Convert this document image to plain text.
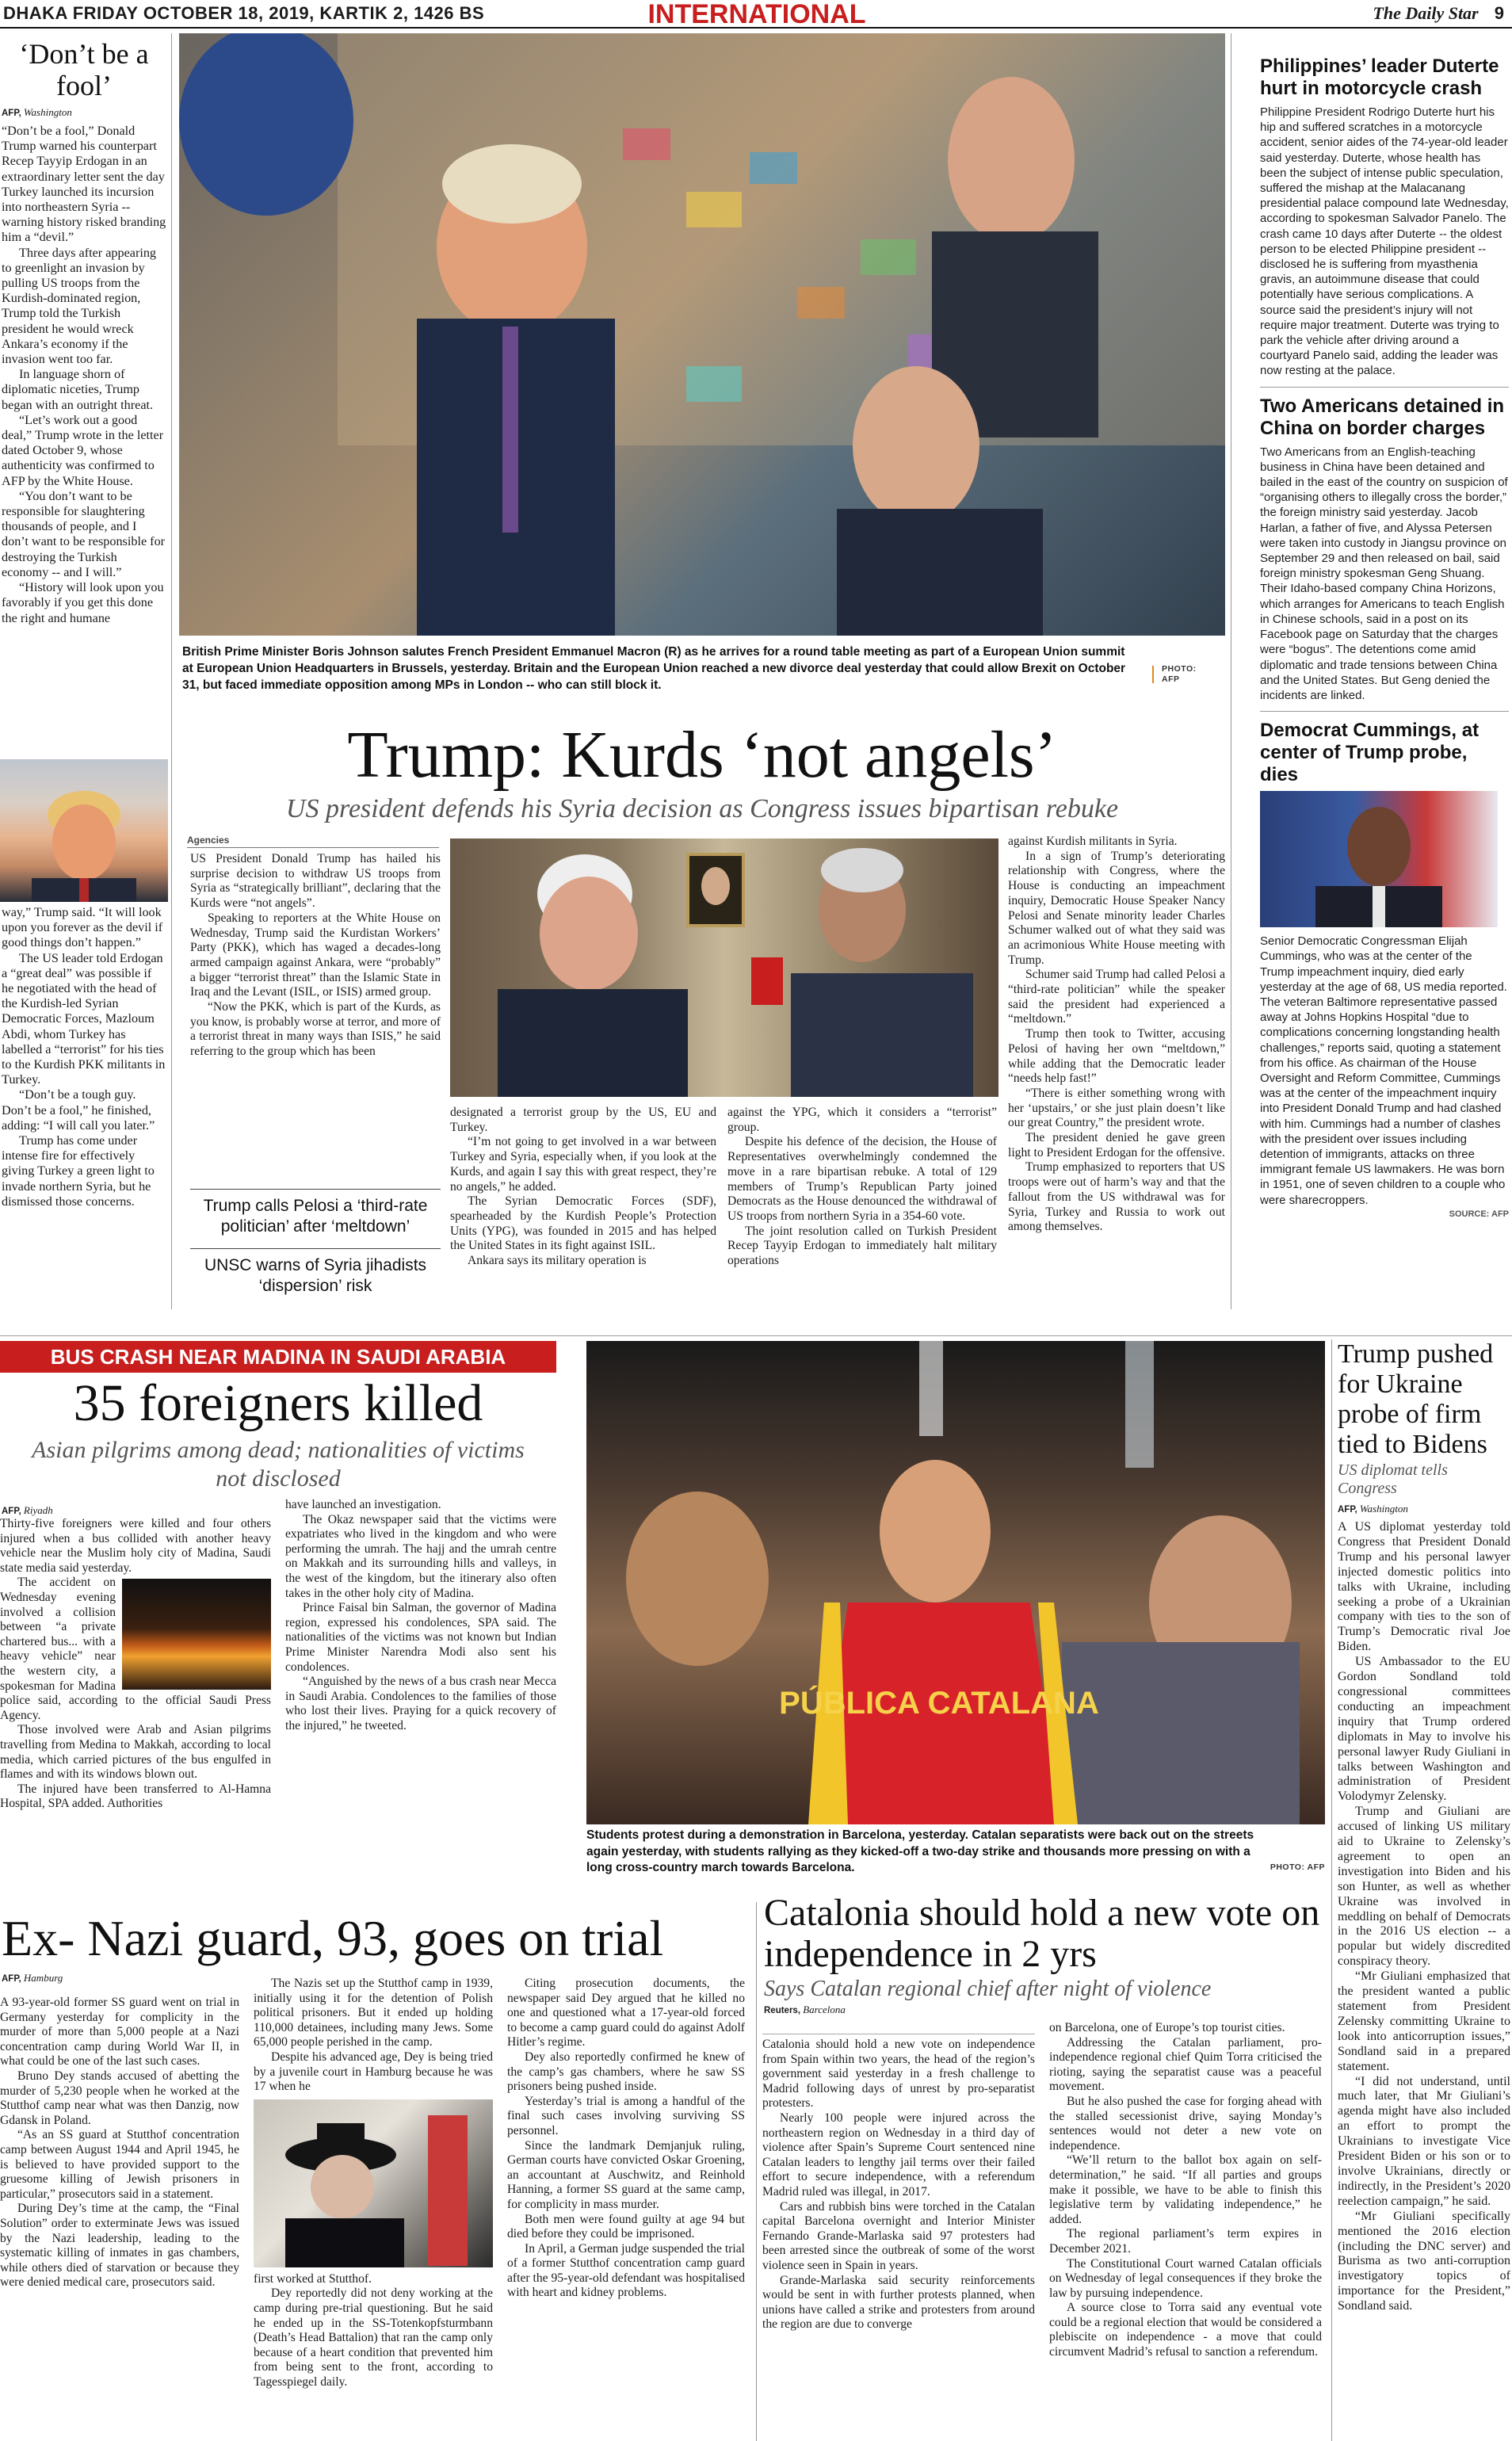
DHAKA FRIDAY OCTOBER 18, 2019, KARTIK 2, 1426 BS	INTERNATIONAL	The Daily Star 9
‘Don’t be a fool’
AFP, Washington

“Don’t be a fool,” Donald Trump warned his counterpart Recep Tayyip Erdogan in an extraordinary letter sent the day Turkey launched its incursion into northeastern Syria -- warning history risked branding him a “devil.”

Three days after appearing to greenlight an invasion by pulling US troops from the Kurdish-dominated region, Trump told the Turkish president he would wreck Ankara’s economy if the invasion went too far.

In language shorn of diplomatic niceties, Trump began with an outright threat.

“Let’s work out a good deal,” Trump wrote in the letter dated October 9, whose authenticity was confirmed to AFP by the White House.

“You don’t want to be responsible for slaughtering thousands of people, and I don’t want to be responsible for destroying the Turkish economy -- and I will.”

“History will look upon you favorably if you get this done the right and humane

way,” Trump said. “It will look upon you forever as the devil if good things don’t happen.”

The US leader told Erdogan a “great deal” was possible if he negotiated with the head of the Kurdish-led Syrian Democratic Forces, Mazloum Abdi, whom Turkey has labelled a “terrorist” for his ties to the Kurdish PKK militants in Turkey.

“Don’t be a tough guy. Don’t be a fool,” he finished, adding: “I will call you later.”

Trump has come under intense fire for effectively giving Turkey a green light to invade northern Syria, but he dismissed those concerns.

British Prime Minister Boris Johnson salutes French President Emmanuel Macron (R) as he arrives for a round table meeting as part of a European Union summit at European Union Headquarters in Brussels, yesterday. Britain and the European Union reached a new divorce deal yesterday that could allow Brexit on October 31, but faced immediate opposition among MPs in London -- who can still block it.
PHOTO:
AFP
Trump: Kurds ‘not angels’
US president defends his Syria decision as Congress issues bipartisan rebuke
Agencies

US President Donald Trump has hailed his surprise decision to withdraw US troops from Syria as “strategically brilliant”, declaring that the Kurds were “not angels”.

Speaking to reporters at the White House on Wednesday, Trump said the Kurdistan Workers’ Party (PKK), which has waged a decades-long armed campaign against Ankara, were “probably” a bigger “terrorist threat” than the Islamic State in Iraq and the Levant (ISIL, or ISIS) armed group.

“Now the PKK, which is part of the Kurds, as you know, is probably worse at terror, and more of a terrorist threat in many ways than ISIS,” he said referring to the group which has been

Trump calls Pelosi a ‘third-rate politician’ after ‘meltdown’
UNSC warns of Syria jihadists ‘dispersion’ risk

designated a terrorist group by the US, EU and Turkey.

“I’m not going to get involved in a war between Turkey and Syria, especially when, if you look at the Kurds, and again I say this with great respect, they’re no angels,” he added.

The Syrian Democratic Forces (SDF), spearheaded by the Kurdish People’s Protection Units (YPG), was founded in 2015 and has helped the United States in its fight against ISIL.

Ankara says its military operation is

against the YPG, which it considers a “terrorist” group.

Despite his defence of the decision, the House of Representatives overwhelmingly condemned the move in a rare bipartisan rebuke. A total of 129 members of Trump’s Republican Party joined Democrats as the House denounced the withdrawal of US troops from northern Syria in a 354-60 vote.

The joint resolution called on Turkish President Recep Tayyip Erdogan to immediately halt military operations

against Kurdish militants in Syria.

In a sign of Trump’s deteriorating relationship with Congress, where the House is conducting an impeachment inquiry, Democratic House Speaker Nancy Pelosi and Senate minority leader Charles Schumer walked out of what they said was an acrimonious White House meeting with Trump.

Schumer said Trump had called Pelosi a “third-rate politician” while the speaker said the president had experienced a “meltdown.”

Trump then took to Twitter, accusing Pelosi of having her own “meltdown,” while adding that the Democratic leader “needs help fast!”

“There is either something wrong with her ‘upstairs,’ or she just plain doesn’t like our great Country,” the president wrote.

The president denied he gave green light to President Erdogan for the offensive.

Trump emphasized to reporters that US troops were out of harm’s way and that the fallout from the US withdrawal was for Syria, Turkey and Russia to work out among themselves.

Philippines’ leader Duterte hurt in motorcycle crash
Philippine President Rodrigo Duterte hurt his hip and suffered scratches in a motorcycle accident, senior aides of the 74-year-old leader said yesterday. Duterte, whose health has been the subject of intense public speculation, suffered the mishap at the Malacanang presidential palace compound late Wednesday, according to spokesman Salvador Panelo. The crash came 10 days after Duterte -- the oldest person to be elected Philippine president -- disclosed he is suffering from myasthenia gravis, an autoimmune disease that could potentially have serious complications. A source said the president’s injury will not require major treatment. Duterte was trying to park the vehicle after driving around a courtyard Panelo said, adding the leader was now resting at the palace.
Two Americans detained in China on border charges
Two Americans from an English-teaching business in China have been detained and bailed in the east of the country on suspicion of “organising others to illegally cross the border,” the foreign ministry said yesterday. Jacob Harlan, a father of five, and Alyssa Petersen were taken into custody in Jiangsu province on September 29 and then released on bail, said foreign ministry spokesman Geng Shuang. Their Idaho-based company China Horizons, which arranges for Americans to teach English in Chinese schools, said in a post on its Facebook page on Saturday that the charges were “bogus”. The detentions come amid diplomatic and trade tensions between China and the United States. But Geng denied the incidents are linked.
Democrat Cummings, at center of Trump probe, dies
Senior Democratic Congressman Elijah Cummings, who was at the center of the Trump impeachment inquiry, died early yesterday at the age of 68, US media reported. The veteran Baltimore representative passed away at Johns Hopkins Hospital “due to complications concerning longstanding health challenges,” reports said, quoting a statement from his office. As chairman of the House Oversight and Reform Committee, Cummings was at the center of the impeachment inquiry into President Donald Trump and had clashed with him. Cummings had a number of clashes with the president over issues including detention of immigrants, attacks on three immigrant female US lawmakers. He was born in 1951, one of seven children to a couple who were sharecroppers.
SOURCE: AFP
BUS CRASH NEAR MADINA IN SAUDI ARABIA
35 foreigners killed
Asian pilgrims among dead; nationalities of victims not disclosed
AFP, Riyadh

Thirty-five foreigners were killed and four others injured when a bus collided with another heavy vehicle near the Muslim holy city of Madina, Saudi state media said yesterday.

The accident on Wednesday evening involved a collision between “a private chartered bus... with a heavy vehicle” near the western city, a spokesman for Madina police said, according to the official Saudi Press Agency.

Those involved were Arab and Asian pilgrims travelling from Medina to Makkah, according to local media, which carried pictures of the bus engulfed in flames and with its windows blown out.

The injured have been transferred to Al-Hamna Hospital, SPA added. Authorities

have launched an investigation.

The Okaz newspaper said that the victims were expatriates who lived in the kingdom and who were performing the umrah. The hajj and the umrah centre on Makkah and its surrounding hills and valleys, in the west of the kingdom, but the itinerary also often takes in the other holy city of Madina.

Prince Faisal bin Salman, the governor of Madina region, expressed his condolences, SPA said. The nationalities of the victims was not known but Indian Prime Minister Narendra Modi also sent his condolences.

“Anguished by the news of a bus crash near Mecca in Saudi Arabia. Condolences to the families of those who lost their lives. Praying for a quick recovery of the injured,” he tweeted.

PÚBLICA CATALANA
Students protest during a demonstration in Barcelona, yesterday. Catalan separatists were back out on the streets again yesterday, with students rallying as they kicked-off a two-day strike and thousands more pressing on with a long cross-country march towards Barcelona.	PHOTO: AFP
Trump pushed for Ukraine probe of firm tied to Bidens
US diplomat tells Congress
AFP, Washington

A US diplomat yesterday told Congress that President Donald Trump and his personal lawyer injected domestic politics into talks with Ukraine, including seeking a probe of a Ukrainian company with ties to the son of Trump’s Democratic rival Joe Biden.

US Ambassador to the EU Gordon Sondland told congressional committees conducting an impeachment inquiry that Trump ordered diplomats in May to involve his personal lawyer Rudy Giuliani in talks between Washington and administration of President Volodymyr Zelensky.

Trump and Giuliani are accused of linking US military aid to Ukraine to Zelensky’s agreement to open an investigation into Biden and his son Hunter, as well as whether Ukraine was involved in meddling on behalf of Democrats in the 2016 US election -- a popular but widely discredited conspiracy theory.

“Mr Giuliani emphasized that the president wanted a public statement from President Zelensky committing Ukraine to look into anticorruption issues,” Sondland said in a prepared statement.

“I did not understand, until much later, that Mr Giuliani’s agenda might have also included an effort to prompt the Ukrainians to investigate Vice President Biden or his son or to involve Ukrainians, directly or indirectly, in the President’s 2020 reelection campaign,” he said.

“Mr Giuliani specifically mentioned the 2016 election (including the DNC server) and Burisma as two anti-corruption investigatory topics of importance for the President,” Sondland said.

Ex- Nazi guard, 93, goes on trial
AFP, Hamburg

A 93-year-old former SS guard went on trial in Germany yesterday for complicity in the murder of more than 5,000 people at a Nazi concentration camp during World War II, in what could be one of the last such cases.

Bruno Dey stands accused of abetting the murder of 5,230 people when he worked at the Stutthof camp near what was then Danzig, now Gdansk in Poland.

“As an SS guard at Stutthof concentration camp between August 1944 and April 1945, he is believed to have provided support to the gruesome killing of Jewish prisoners in particular,” prosecutors said in a statement.

During Dey’s time at the camp, the “Final Solution” order to exterminate Jews was issued by the Nazi leadership, leading to the systematic killing of inmates in gas chambers, while others died of starvation or because they were denied medical care, prosecutors said.

The Nazis set up the Stutthof camp in 1939, initially using it for the detention of Polish political prisoners. But it ended up holding 110,000 detainees, including many Jews. Some 65,000 people perished in the camp.

Despite his advanced age, Dey is being tried by a juvenile court in Hamburg because he was 17 when he

first worked at Stutthof.

Dey reportedly did not deny working at the camp during pre-trial questioning. But he said he ended up in the SS-Totenkopfsturmbann (Death’s Head Battalion) that ran the camp only because of a heart condition that prevented him from being sent to the front, according to Tagesspiegel daily.

Citing prosecution documents, the newspaper said Dey argued that he killed no one and questioned what a 17-year-old forced to become a camp guard could do against Adolf Hitler’s regime.

Dey also reportedly confirmed he knew of the camp’s gas chambers, where he saw SS prisoners being pushed inside.

Yesterday’s trial is among a handful of the final such cases involving surviving SS personnel.

Since the landmark Demjanjuk ruling, German courts have convicted Oskar Groening, an accountant at Auschwitz, and Reinhold Hanning, a former SS guard at the same camp, for complicity in mass murder.

Both men were found guilty at age 94 but died before they could be imprisoned.

In April, a German judge suspended the trial of a former Stutthof concentration camp guard after the 95-year-old defendant was hospitalised with heart and kidney problems.

Catalonia should hold a new vote on independence in 2 yrs
Says Catalan regional chief after night of violence
Reuters, Barcelona

Catalonia should hold a new vote on independence from Spain within two years, the head of the region’s government said yesterday in a fresh challenge to Madrid following days of unrest by pro-separatist protesters.

Nearly 100 people were injured across the northeastern region on Wednesday in a third day of violence after Spain’s Supreme Court sentenced nine Catalan leaders to lengthy jail terms over their failed effort to secure independence, with a referendum Madrid ruled was illegal, in 2017.

Cars and rubbish bins were torched in the Catalan capital Barcelona overnight and Interior Minister Fernando Grande-Marlaska said 97 protesters had been arrested since the outbreak of some of the worst violence seen in Spain in years.

Grande-Marlaska said security reinforcements would be sent in with further protests planned, when unions have called a strike and protesters from around the region are due to converge

on Barcelona, one of Europe’s top tourist cities.

Addressing the Catalan parliament, pro-independence regional chief Quim Torra criticised the rioting, saying the separatist cause was a peaceful movement.

But he also pushed the case for forging ahead with the stalled secessionist drive, saying Monday’s sentences would not deter a new vote on independence.

“We’ll return to the ballot box again on self-determination,” he said. “If all parties and groups make it possible, we have to be able to finish this legislative term by validating independence,” he added.

The regional parliament’s term expires in December 2021.

The Constitutional Court warned Catalan officials on Wednesday of legal consequences if they broke the law by pursuing independence.

A source close to Torra said any eventual vote could be a regional election that would be considered a plebiscite on independence - a move that could circumvent Madrid’s refusal to sanction a referendum.
